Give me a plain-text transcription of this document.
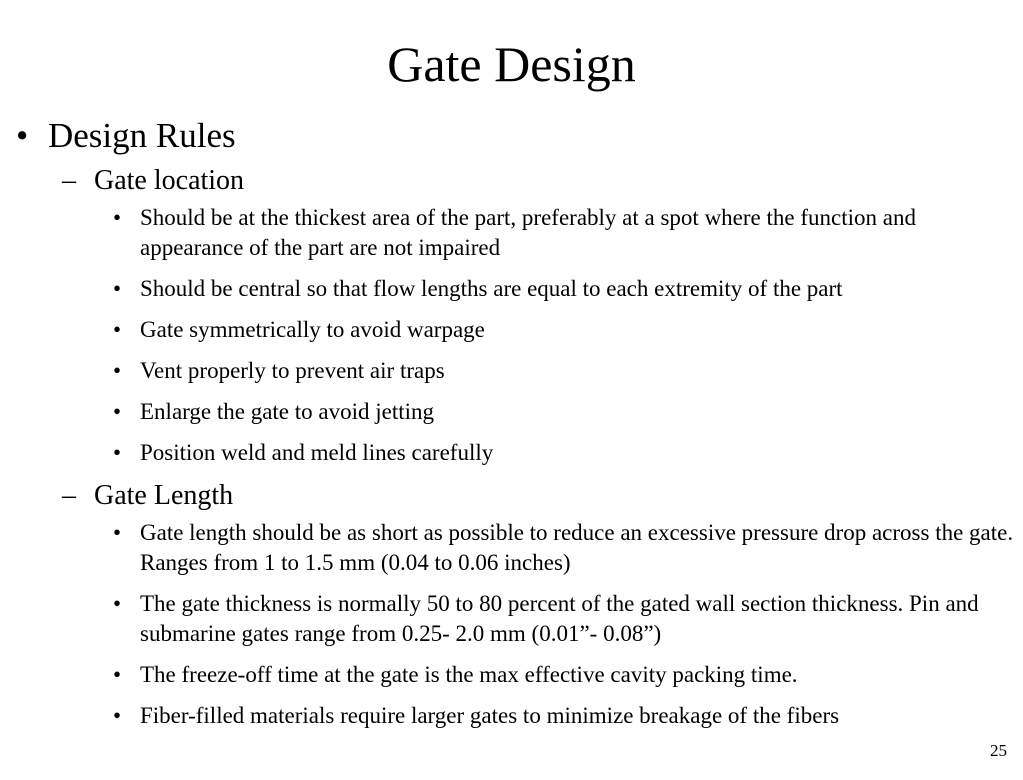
Gate Design
• Design Rules
– Gate location
• Should be at the thickest area of the part, preferably at a spot where the function and appearance of the part are not impaired
• Should be central so that flow lengths are equal to each extremity of the part
• Gate symmetrically to avoid warpage
• Vent properly to prevent air traps
• Enlarge the gate to avoid jetting
• Position weld and meld lines carefully
– Gate Length
• Gate length should be as short as possible to reduce an excessive pressure drop across the gate. Ranges from 1 to 1.5 mm (0.04 to 0.06 inches)
• The gate thickness is normally 50 to 80 percent of the gated wall section thickness. Pin and submarine gates range from 0.25- 2.0 mm (0.01”- 0.08”)
• The freeze-off time at the gate is the max effective cavity packing time.
• Fiber-filled materials require larger gates to minimize breakage of the fibers
25
